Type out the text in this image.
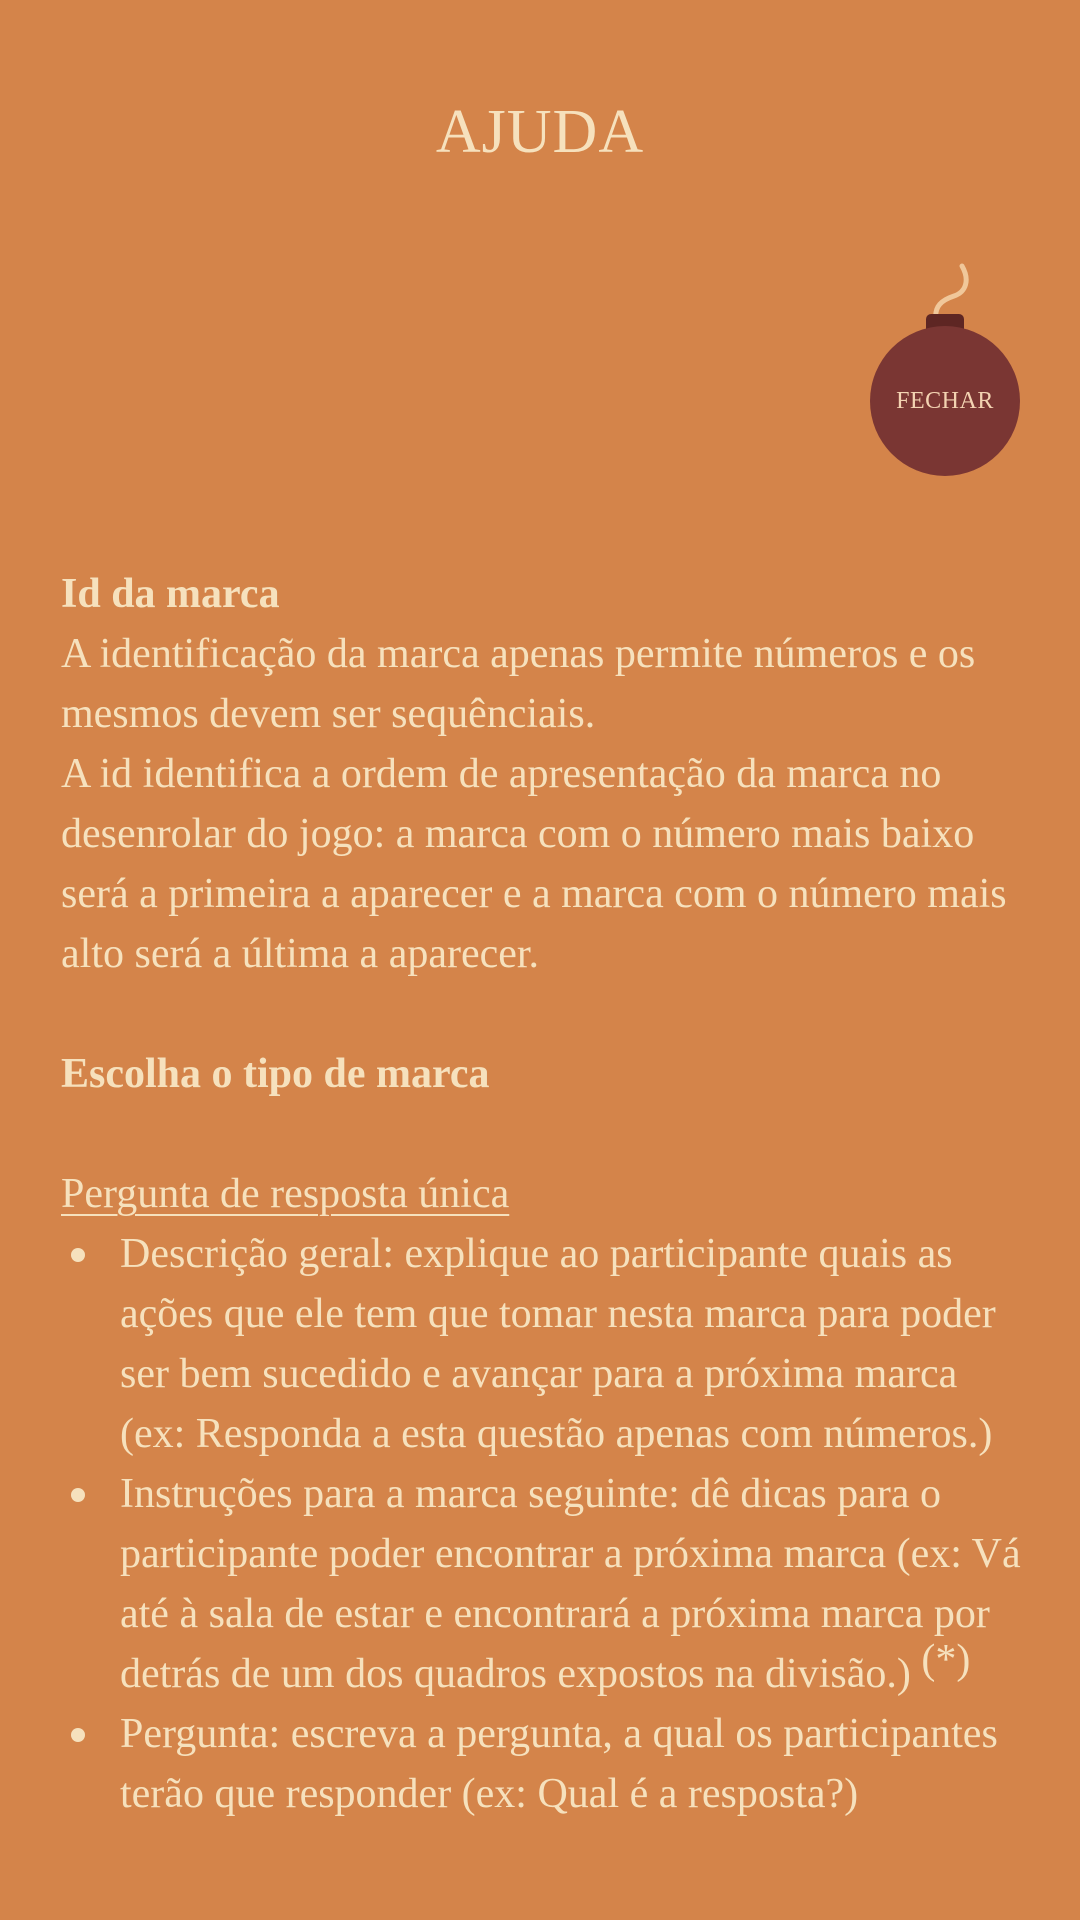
AJUDA
FECHAR

Id da marca

A identificação da marca apenas permite números e os mesmos devem ser sequênciais.

A id identifica a ordem de apresentação da marca no desenrolar do jogo: a marca com o número mais baixo será a primeira a aparecer e a marca com o número mais alto será a última a aparecer.

Escolha o tipo de marca

Pergunta de resposta única

Descrição geral: explique ao participante quais as ações que ele tem que tomar nesta marca para poder ser bem sucedido e avançar para a próxima marca (ex: Responda a esta questão apenas com números.)
Instruções para a marca seguinte: dê dicas para o participante poder encontrar a próxima marca (ex: Vá até à sala de estar e encontrará a próxima marca por detrás de um dos quadros expostos na divisão.) (*)
Pergunta: escreva a pergunta, a qual os participantes terão que responder (ex: Qual é a resposta?)
